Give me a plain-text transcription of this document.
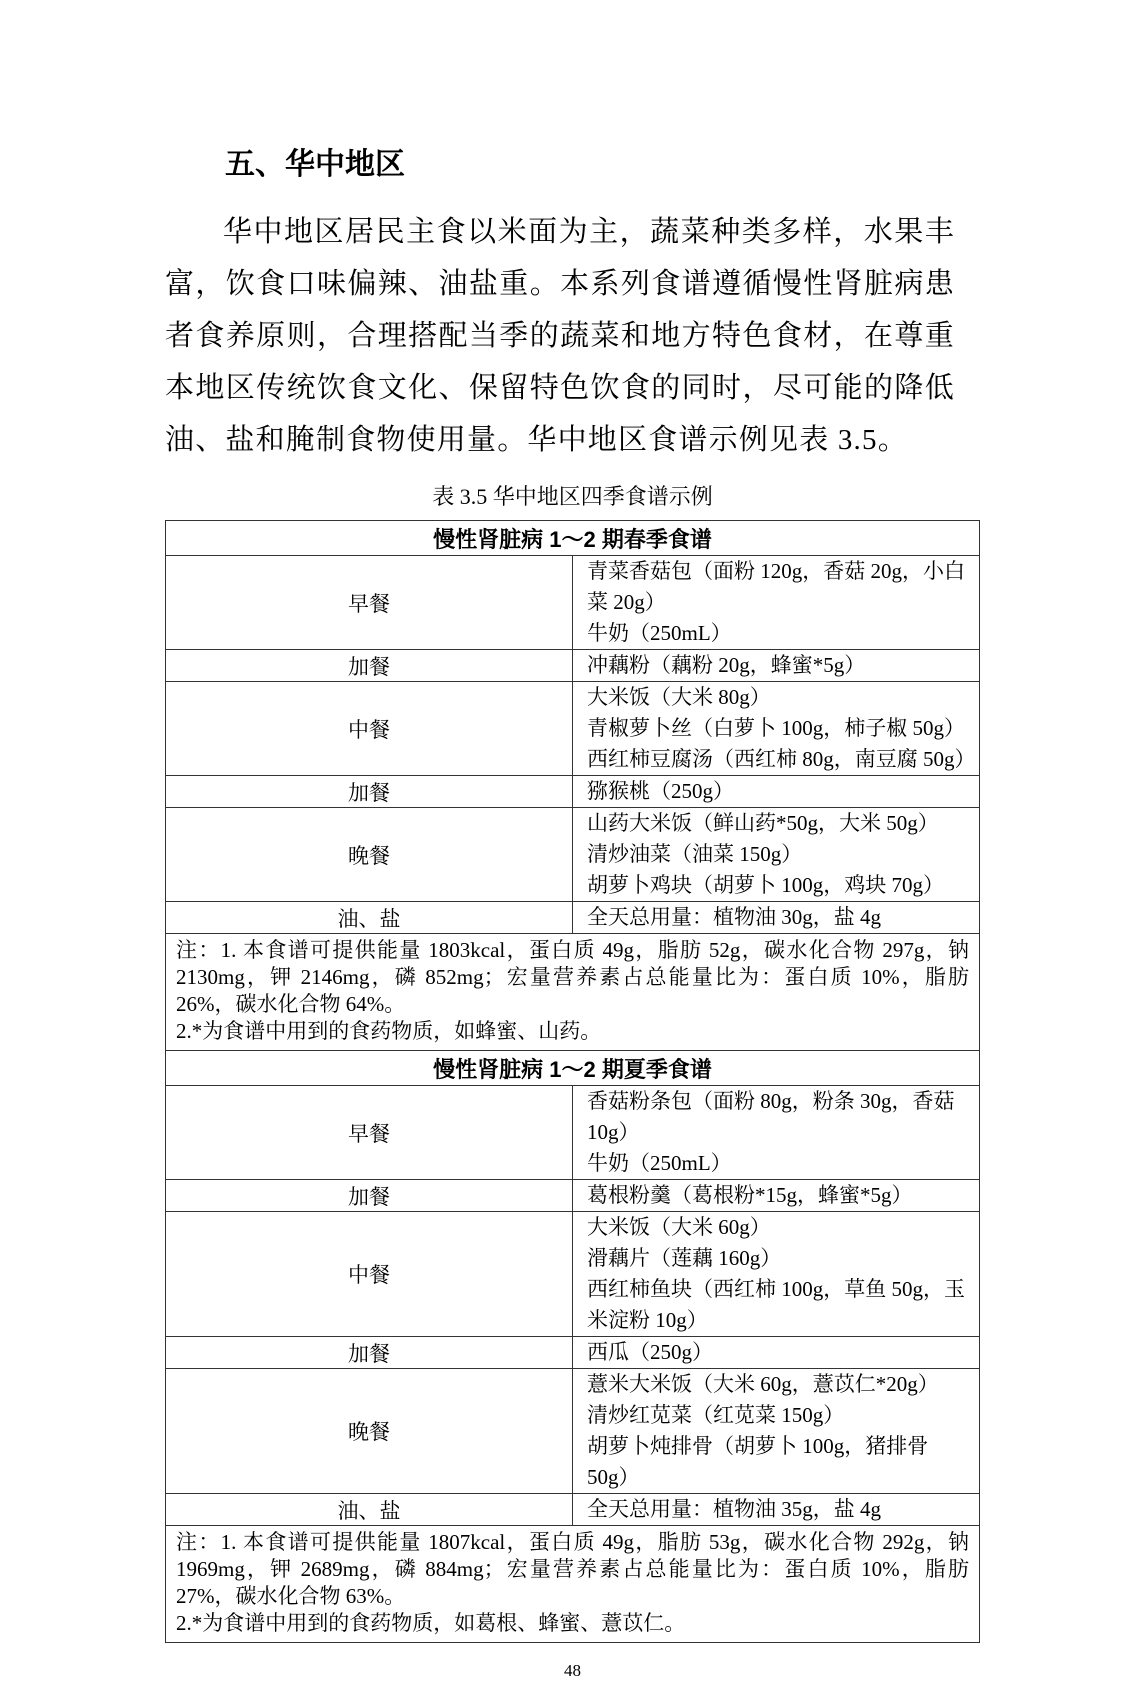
五、华中地区

华中地区居民主食以米面为主，蔬菜种类多样，水果丰富，饮食口味偏辣、油盐重。本系列食谱遵循慢性肾脏病患者食养原则，合理搭配当季的蔬菜和地方特色食材，在尊重本地区传统饮食文化、保留特色饮食的同时，尽可能的降低油、盐和腌制食物使用量。华中地区食谱示例见表 3.5。

表 3.5 华中地区四季食谱示例
慢性肾脏病 1～2 期春季食谱	
早餐	青菜香菇包（面粉 120g，香菇 20g，小白菜 20g）
牛奶（250mL）

加餐	冲藕粉（藕粉 20g，蜂蜜*5g）

中餐	大米饭（大米 80g）
青椒萝卜丝（白萝卜 100g，柿子椒 50g）
西红柿豆腐汤（西红柿 80g，南豆腐 50g）

加餐	猕猴桃（250g）

晚餐	山药大米饭（鲜山药*50g，大米 50g）
清炒油菜（油菜 150g）
胡萝卜鸡块（胡萝卜 100g，鸡块 70g）

油、盐	全天总用量：植物油 30g，盐 4g

注：1. 本食谱可提供能量 1803kcal，蛋白质 49g，脂肪 52g，碳水化合物 297g，钠 2130mg，钾 2146mg，磷 852mg；宏量营养素占总能量比为：蛋白质 10%，脂肪 26%，碳水化合物 64%。
2.*为食谱中用到的食药物质，如蜂蜜、山药。	

慢性肾脏病 1～2 期夏季食谱	
早餐	香菇粉条包（面粉 80g，粉条 30g，香菇 10g）
牛奶（250mL）

加餐	葛根粉羹（葛根粉*15g，蜂蜜*5g）

中餐	大米饭（大米 60g）
滑藕片（莲藕 160g）
西红柿鱼块（西红柿 100g，草鱼 50g，玉米淀粉 10g）

加餐	西瓜（250g）

晚餐	薏米大米饭（大米 60g，薏苡仁*20g）
清炒红苋菜（红苋菜 150g）
胡萝卜炖排骨（胡萝卜 100g，猪排骨 50g）

油、盐	全天总用量：植物油 35g，盐 4g

注：1. 本食谱可提供能量 1807kcal，蛋白质 49g，脂肪 53g，碳水化合物 292g，钠 1969mg，钾 2689mg，磷 884mg；宏量营养素占总能量比为：蛋白质 10%，脂肪 27%，碳水化合物 63%。
2.*为食谱中用到的食药物质，如葛根、蜂蜜、薏苡仁。	
48
